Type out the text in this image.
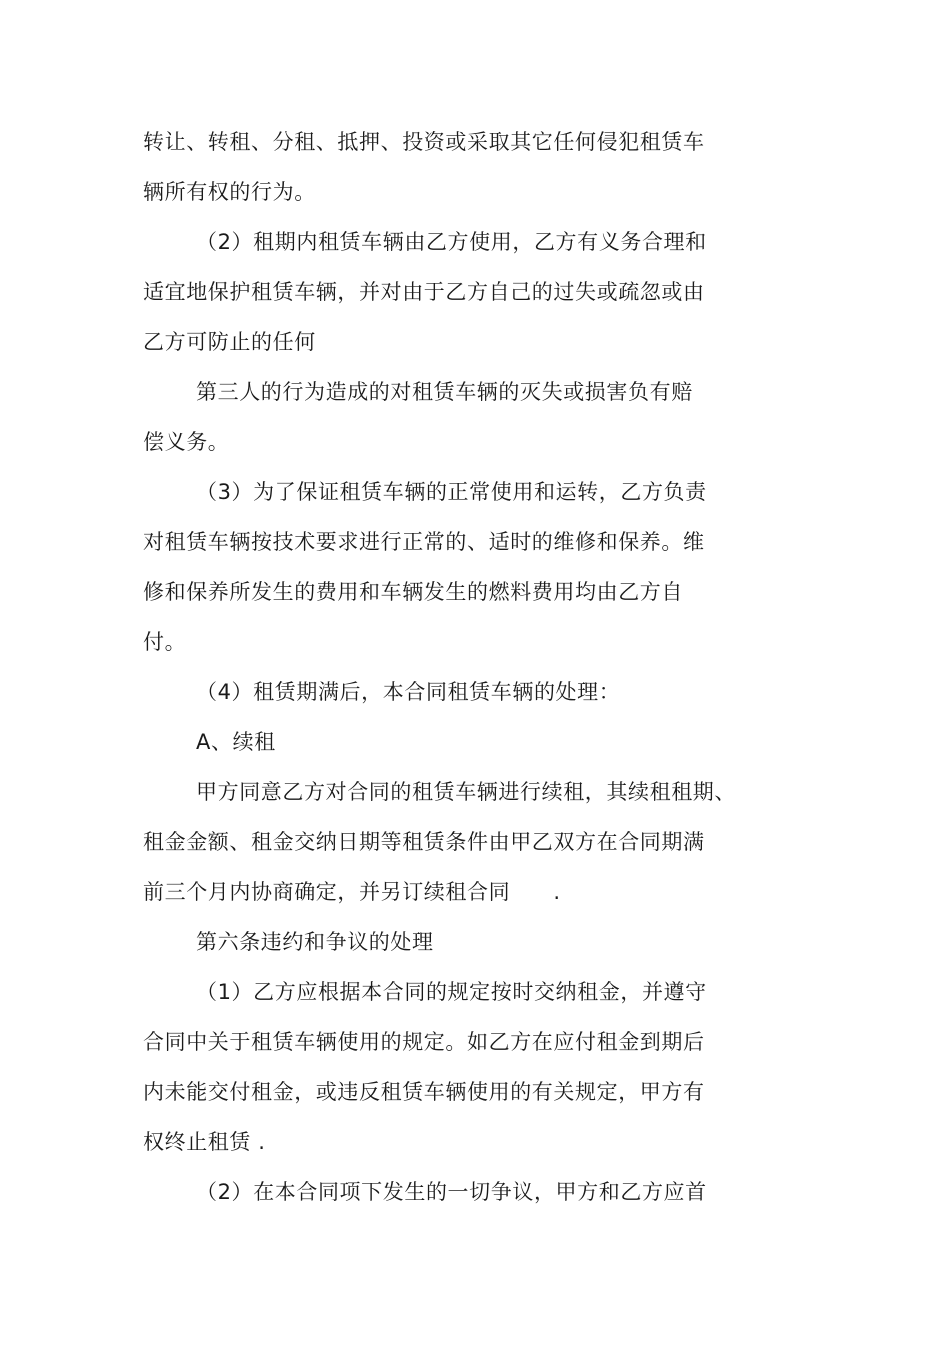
转让、转租、分租、抵押、投资或采取其它任何侵犯租赁车

辆所有权的行为。

（2）租期内租赁车辆由乙方使用，乙方有义务合理和

适宜地保护租赁车辆，并对由于乙方自己的过失或疏忽或由

乙方可防止的任何

第三人的行为造成的对租赁车辆的灭失或损害负有赔

偿义务。

（3）为了保证租赁车辆的正常使用和运转，乙方负责

对租赁车辆按技术要求进行正常的、适时的维修和保养。维

修和保养所发生的费用和车辆发生的燃料费用均由乙方自

付。

（4）租赁期满后，本合同租赁车辆的处理：

A、续租

甲方同意乙方对合同的租赁车辆进行续租，其续租租期、

租金金额、租金交纳日期等租赁条件由甲乙双方在合同期满

前三个月内协商确定，并另订续租合同　　.

第六条违约和争议的处理

（1）乙方应根据本合同的规定按时交纳租金，并遵守

合同中关于租赁车辆使用的规定。如乙方在应付租金到期后

内未能交付租金，或违反租赁车辆使用的有关规定，甲方有

权终止租赁 .

（2）在本合同项下发生的一切争议，甲方和乙方应首
